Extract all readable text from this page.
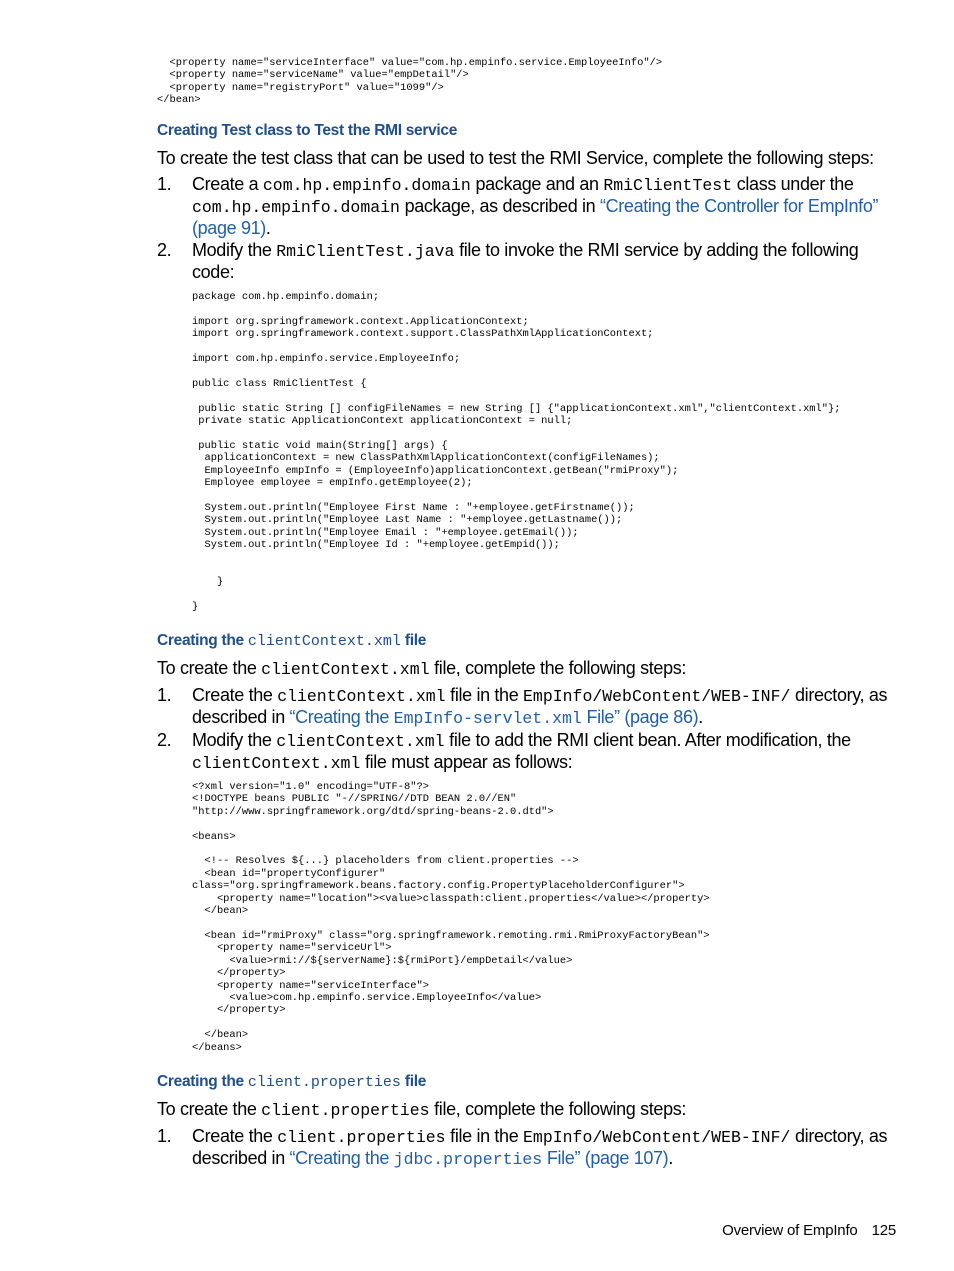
<property name="serviceInterface" value="com.hp.empinfo.service.EmployeeInfo"/>
<property name="serviceName" value="empDetail"/>
<property name="registryPort" value="1099"/>
</bean>

Creating Test class to Test the RMI service

To create the test class that can be used to test the RMI Service, complete the following steps:

1. Create a com.hp.empinfo.domain package and an RmiClientTest class under the com.hp.empinfo.domain package, as described in “Creating the Controller for EmpInfo” (page 91).
2. Modify the RmiClientTest.java file to invoke the RMI service by adding the following code:
package com.hp.empinfo.domain;

import org.springframework.context.ApplicationContext;
import org.springframework.context.support.ClassPathXmlApplicationContext;

import com.hp.empinfo.service.EmployeeInfo;

public class RmiClientTest {

public static String [] configFileNames = new String [] {"applicationContext.xml","clientContext.xml"};
private static ApplicationContext applicationContext = null;

public static void main(String[] args) {
applicationContext = new ClassPathXmlApplicationContext(configFileNames);
EmployeeInfo empInfo = (EmployeeInfo)applicationContext.getBean("rmiProxy");
Employee employee = empInfo.getEmployee(2);

System.out.println("Employee First Name : "+employee.getFirstname());
System.out.println("Employee Last Name : "+employee.getLastname());
System.out.println("Employee Email : "+employee.getEmail());
System.out.println("Employee Id : "+employee.getEmpid());

}

}

Creating the clientContext.xml file

To create the clientContext.xml file, complete the following steps:

1. Create the clientContext.xml file in the EmpInfo/WebContent/WEB-INF/ directory, as described in “Creating the EmpInfo-servlet.xml File” (page 86).
2. Modify the clientContext.xml file to add the RMI client bean. After modification, the clientContext.xml file must appear as follows:
<?xml version="1.0" encoding="UTF-8"?>
<!DOCTYPE beans PUBLIC "-//SPRING//DTD BEAN 2.0//EN"
"http://www.springframework.org/dtd/spring-beans-2.0.dtd">

<beans>

<!-- Resolves ${...} placeholders from client.properties -->
<bean id="propertyConfigurer"
class="org.springframework.beans.factory.config.PropertyPlaceholderConfigurer">
<property name="location"><value>classpath:client.properties</value></property>
</bean>

<bean id="rmiProxy" class="org.springframework.remoting.rmi.RmiProxyFactoryBean">
<property name="serviceUrl">
<value>rmi://${serverName}:${rmiPort}/empDetail</value>
</property>
<property name="serviceInterface">
<value>com.hp.empinfo.service.EmployeeInfo</value>
</property>

</bean>
</beans>

Creating the client.properties file

To create the client.properties file, complete the following steps:

1. Create the client.properties file in the EmpInfo/WebContent/WEB-INF/ directory, as described in “Creating the jdbc.properties File” (page 107).

Overview of EmpInfo 125
